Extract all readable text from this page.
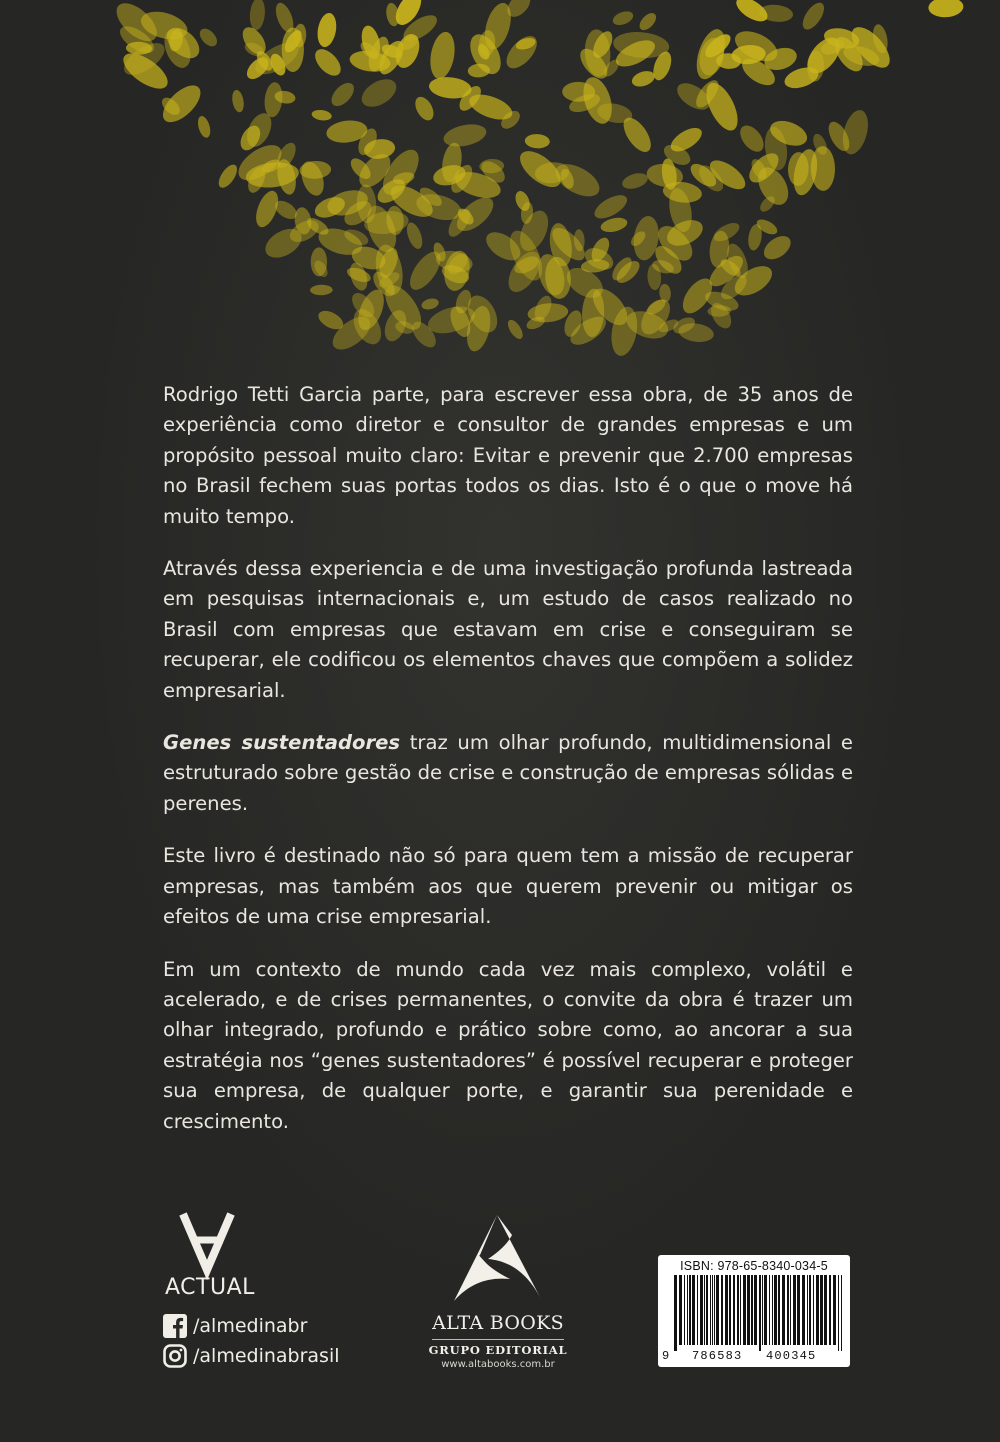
Rodrigo Tetti Garcia parte, para escrever essa obra, de 35 anos de experiência como diretor e consultor de grandes empresas e um propósito pessoal muito claro: Evitar e prevenir que 2.700 empresas no Brasil fechem suas portas todos os dias. Isto é o que o move há muito tempo.

Através dessa experiencia e de uma investigação profunda lastreada em pesquisas internacionais e, um estudo de casos realizado no Brasil com empresas que estavam em crise e conseguiram se recuperar, ele codificou os elementos chaves que compõem a solidez empresarial.

Genes sustentadores traz um olhar profundo, multidimensional e estruturado sobre gestão de crise e construção de empresas sólidas e perenes.

Este livro é destinado não só para quem tem a missão de recuperar empresas, mas também aos que querem prevenir ou mitigar os efeitos de uma crise empresarial.

Em um contexto de mundo cada vez mais complexo, volátil e acelerado, e de crises permanentes, o convite da obra é trazer um olhar integrado, profundo e prático sobre como, ao ancorar a sua estratégia nos “genes sustentadores” é possível recuperar e proteger sua empresa, de qualquer porte, e garantir sua perenidade e crescimento.

ACTUAL
/almedinabr
/almedinabrasil
ALTA BOOKS
GRUPO EDITORIAL
www.altabooks.com.br
ISBN: 978-65-8340-034-5
9 786583 400345
